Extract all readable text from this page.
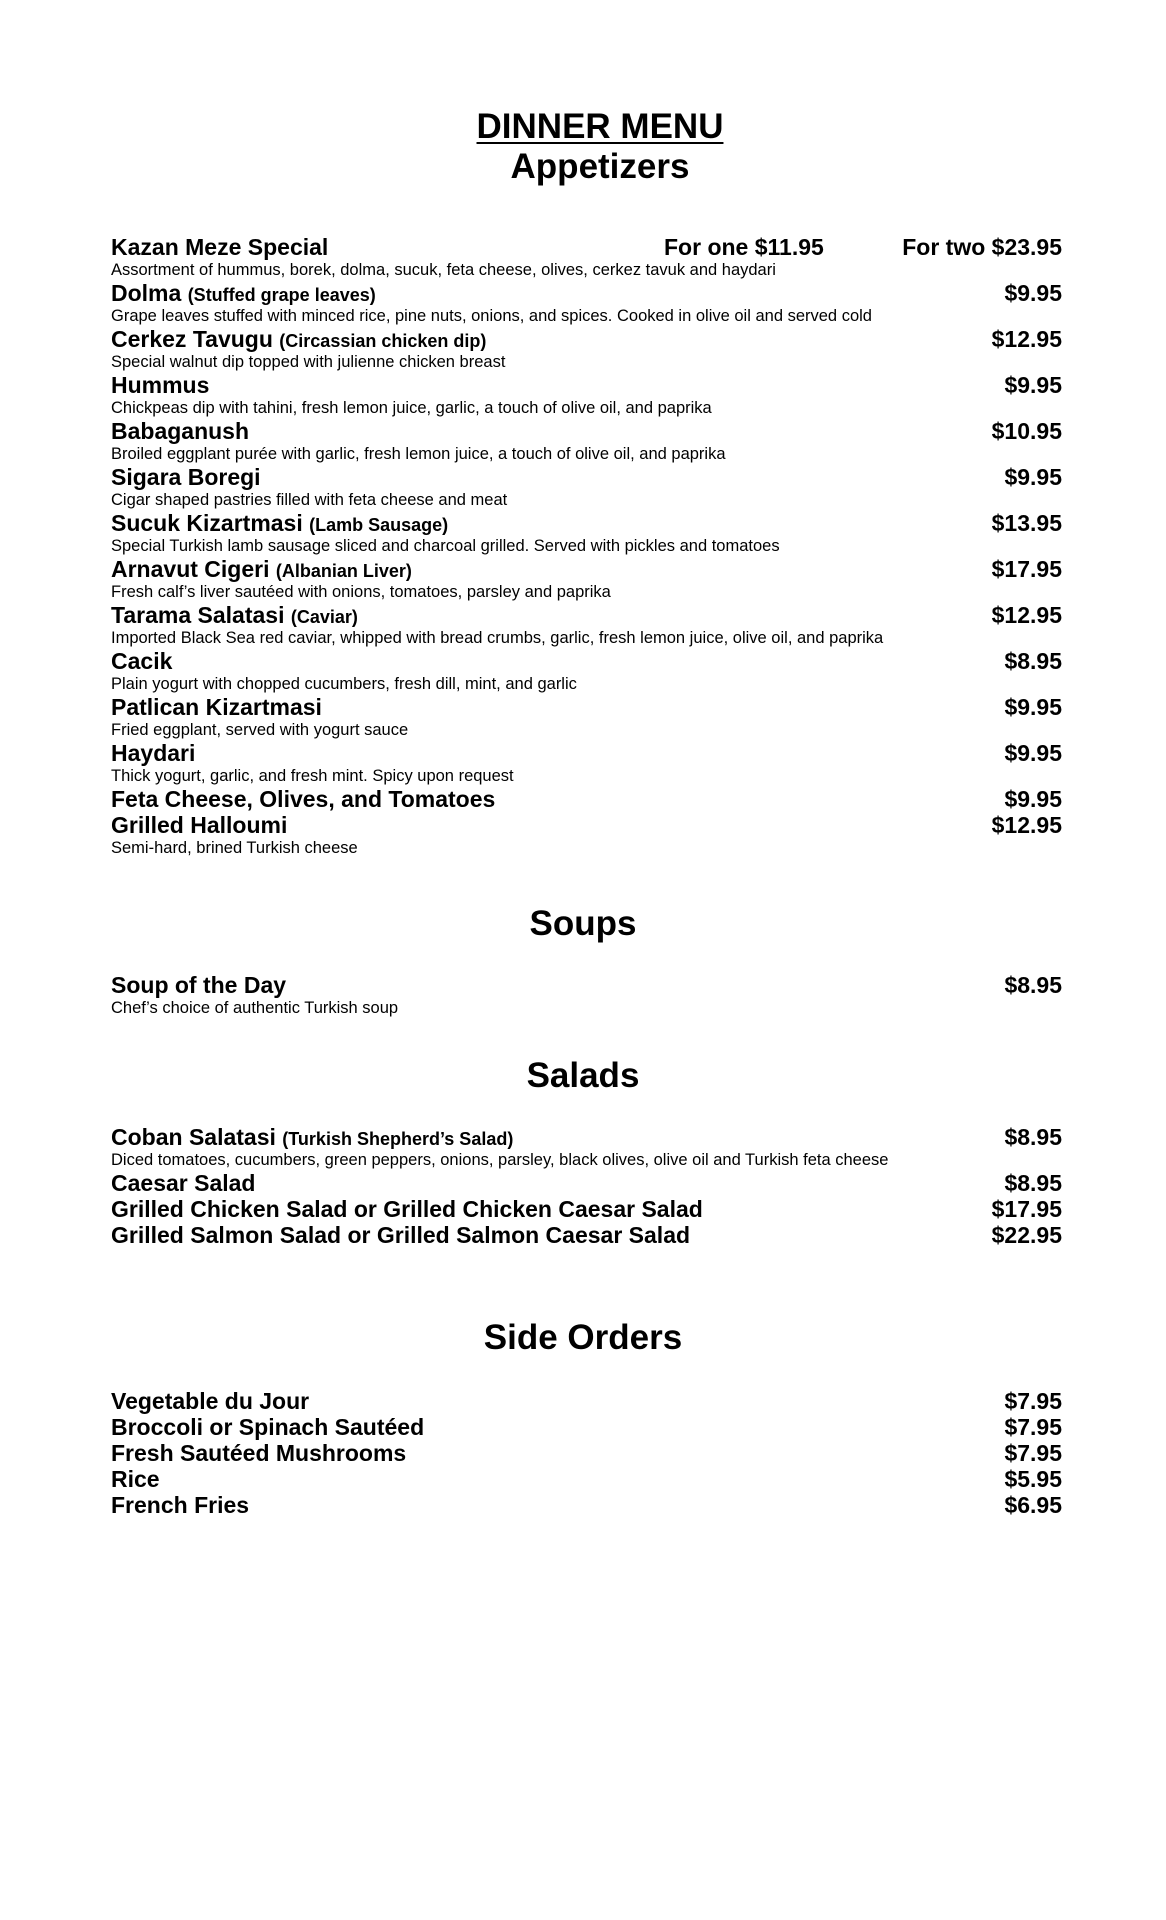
DINNER MENU
Appetizers
Kazan Meze Special	For one $11.95	For two $23.95
Assortment of hummus, borek, dolma, sucuk, feta cheese, olives, cerkez tavuk and haydari
Dolma (Stuffed grape leaves)	$9.95
Grape leaves stuffed with minced rice, pine nuts, onions, and spices. Cooked in olive oil and served cold
Cerkez Tavugu (Circassian chicken dip)	$12.95
Special walnut dip topped with julienne chicken breast
Hummus	$9.95
Chickpeas dip with tahini, fresh lemon juice, garlic, a touch of olive oil, and paprika
Babaganush	$10.95
Broiled eggplant purée with garlic, fresh lemon juice, a touch of olive oil, and paprika
Sigara Boregi	$9.95
Cigar shaped pastries filled with feta cheese and meat
Sucuk Kizartmasi (Lamb Sausage)	$13.95
Special Turkish lamb sausage sliced and charcoal grilled. Served with pickles and tomatoes
Arnavut Cigeri (Albanian Liver)	$17.95
Fresh calf’s liver sautéed with onions, tomatoes, parsley and paprika
Tarama Salatasi (Caviar)	$12.95
Imported Black Sea red caviar, whipped with bread crumbs, garlic, fresh lemon juice, olive oil, and paprika
Cacik	$8.95
Plain yogurt with chopped cucumbers, fresh dill, mint, and garlic
Patlican Kizartmasi	$9.95
Fried eggplant, served with yogurt sauce
Haydari	$9.95
Thick yogurt, garlic, and fresh mint. Spicy upon request
Feta Cheese, Olives, and Tomatoes	$9.95
Grilled Halloumi	$12.95
Semi-hard, brined Turkish cheese
Soups
Soup of the Day	$8.95
Chef’s choice of authentic Turkish soup
Salads
Coban Salatasi (Turkish Shepherd’s Salad)	$8.95
Diced tomatoes, cucumbers, green peppers, onions, parsley, black olives, olive oil and Turkish feta cheese
Caesar Salad	$8.95
Grilled Chicken Salad or Grilled Chicken Caesar Salad	$17.95
Grilled Salmon Salad or Grilled Salmon Caesar Salad	$22.95
Side Orders
Vegetable du Jour	$7.95
Broccoli or Spinach Sautéed	$7.95
Fresh Sautéed Mushrooms	$7.95
Rice	$5.95
French Fries	$6.95
